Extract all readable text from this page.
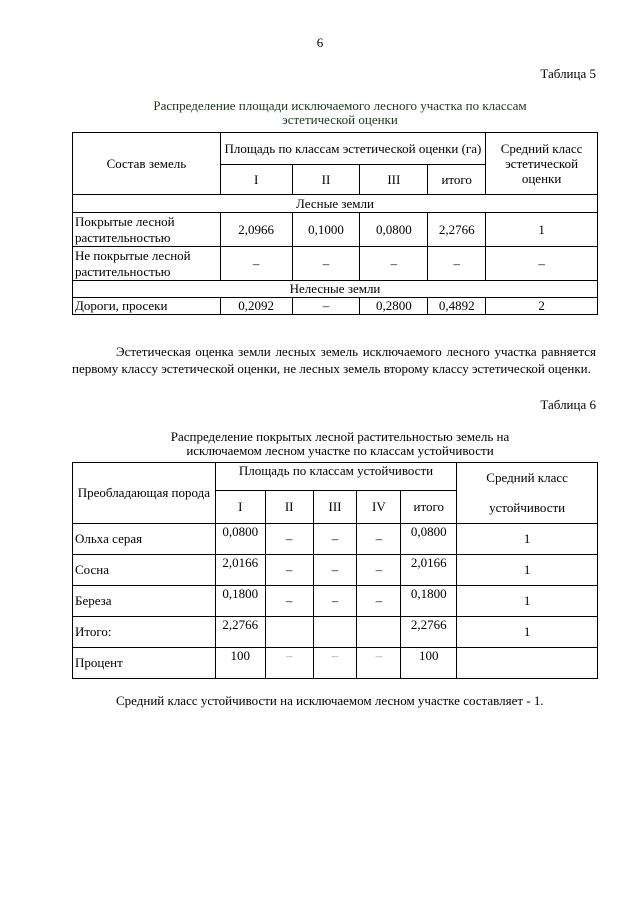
6
Таблица 5
Распределение площади исключаемого лесного участка по классам
эстетической оценки
Состав земель	Площадь по классам эстетической оценки (га)				Средний класс эстетической оценки
	I	II	III	итого	
Лесные земли					
Покрытые лесной растительностью	2,0966	0,1000	0,0800	2,2766	1
Не покрытые лесной растительностью	–	–	–	–	–
Нелесные земли					
Дороги, просеки	0,2092	–	0,2800	0,4892	2
Эстетическая оценка земли лесных земель исключаемого лесного участка равняется первому классу эстетической оценки, не лесных земель второму классу эстетической оценки.
Таблица 6
Распределение покрытых лесной растительностью земель на
исключаемом лесном участке по классам устойчивости
Преобладающая порода	Площадь по классам устойчивости					Средний класс
устойчивости

	I	II	III	IV	итого	
Ольха серая	0,0800	–	–	–	0,0800	1
Сосна	2,0166	–	–	–	2,0166	1
Береза	0,1800	–	–	–	0,1800	1
Итого:	2,2766				2,2766	1
Процент	100	–	–	–	100	
Средний класс устойчивости на исключаемом лесном участке составляет - 1.
